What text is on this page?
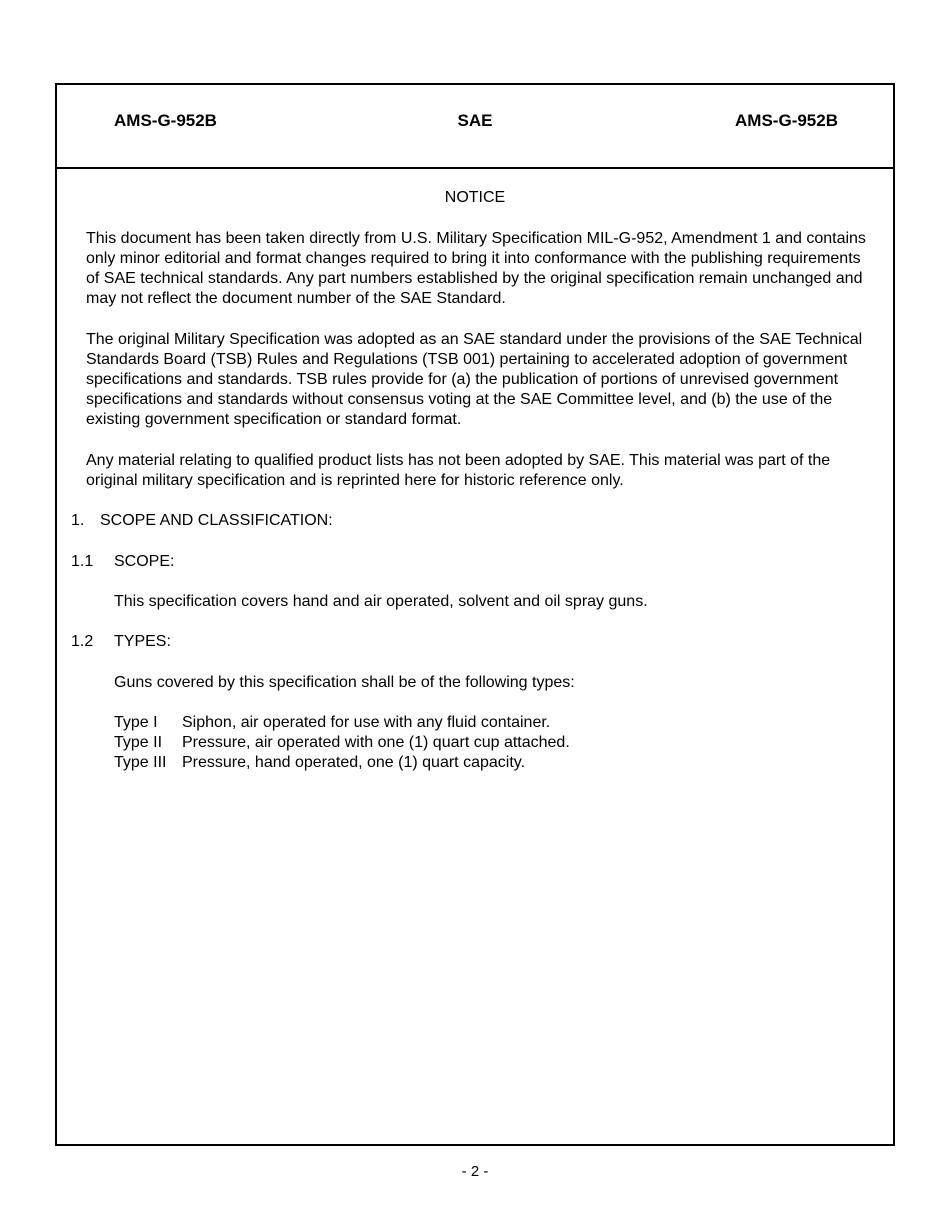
SAE
AMS-G-952B	AMS-G-952B
NOTICE
This document has been taken directly from U.S. Military Specification MIL-G-952, Amendment 1 and contains only minor editorial and format changes required to bring it into conformance with the publishing requirements of SAE technical standards. Any part numbers established by the original specification remain unchanged and may not reflect the document number of the SAE Standard.
The original Military Specification was adopted as an SAE standard under the provisions of the SAE Technical Standards Board (TSB) Rules and Regulations (TSB 001) pertaining to accelerated adoption of government specifications and standards. TSB rules provide for (a) the publication of portions of unrevised government specifications and standards without consensus voting at the SAE Committee level, and (b) the use of the existing government specification or standard format.
Any material relating to qualified product lists has not been adopted by SAE. This material was part of the original military specification and is reprinted here for historic reference only.
1. SCOPE AND CLASSIFICATION:
1.1 SCOPE:
This specification covers hand and air operated, solvent and oil spray guns.
1.2 TYPES:
Guns covered by this specification shall be of the following types:
Type I Siphon, air operated for use with any fluid container.
Type II Pressure, air operated with one (1) quart cup attached.
Type III Pressure, hand operated, one (1) quart capacity.
- 2 -
